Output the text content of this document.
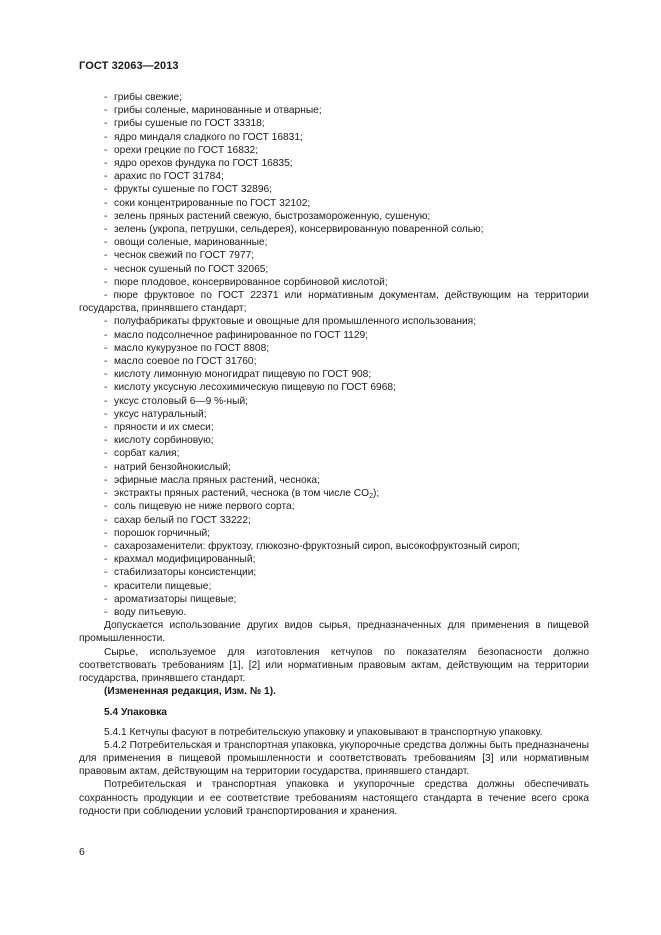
ГОСТ 32063—2013
- грибы свежие;
- грибы соленые, маринованные и отварные;
- грибы сушеные по ГОСТ 33318;
- ядро миндаля сладкого по ГОСТ 16831;
- орехи грецкие по ГОСТ 16832;
- ядро орехов фундука по ГОСТ 16835;
- арахис по ГОСТ 31784;
- фрукты сушеные по ГОСТ 32896;
- соки концентрированные по ГОСТ 32102;
- зелень пряных растений свежую, быстрозамороженную, сушеную;
- зелень (укропа, петрушки, сельдерея), консервированную поваренной солью;
- овощи соленые, маринованные;
- чеснок свежий по ГОСТ 7977;
- чеснок сушеный по ГОСТ 32065;
- пюре плодовое, консервированное сорбиновой кислотой;
- пюре фруктовое по ГОСТ 22371 или нормативным документам, действующим на территории государства, принявшего стандарт;
- полуфабрикаты фруктовые и овощные для промышленного использования;
- масло подсолнечное рафинированное по ГОСТ 1129;
- масло кукурузное по ГОСТ 8808;
- масло соевое по ГОСТ 31760;
- кислоту лимонную моногидрат пищевую по ГОСТ 908;
- кислоту уксусную лесохимическую пищевую по ГОСТ 6968;
- уксус столовый 6—9 %-ный;
- уксус натуральный;
- пряности и их смеси;
- кислоту сорбиновую;
- сорбат калия;
- натрий бензойнокислый;
- эфирные масла пряных растений, чеснока;
- экстракты пряных растений, чеснока (в том числе $CO_2$);
- соль пищевую не ниже первого сорта;
- сахар белый по ГОСТ 33222;
- порошок горчичный;
- сахарозаменители: фруктозу, глюкозно-фруктозный сироп, высокофруктозный сироп;
- крахмал модифицированный;
- стабилизаторы консистенции;
- красители пищевые;
- ароматизаторы пищевые;
- воду питьевую.
Допускается использование других видов сырья, предназначенных для применения в пищевой промышленности.
Сырье, используемое для изготовления кетчупов по показателям безопасности должно соответствовать требованиям [1], [2] или нормативным правовым актам, действующим на территории государства, принявшего стандарт.
(Измененная редакция, Изм. № 1).
5.4 Упаковка
5.4.1 Кетчупы фасуют в потребительскую упаковку и упаковывают в транспортную упаковку.
5.4.2 Потребительская и транспортная упаковка, укупорочные средства должны быть предназначены для применения в пищевой промышленности и соответствовать требованиям [3] или нормативным правовым актам, действующим на территории государства, принявшего стандарт.
Потребительская и транспортная упаковка и укупорочные средства должны обеспечивать сохранность продукции и ее соответствие требованиям настоящего стандарта в течение всего срока годности при соблюдении условий транспортирования и хранения.
6
